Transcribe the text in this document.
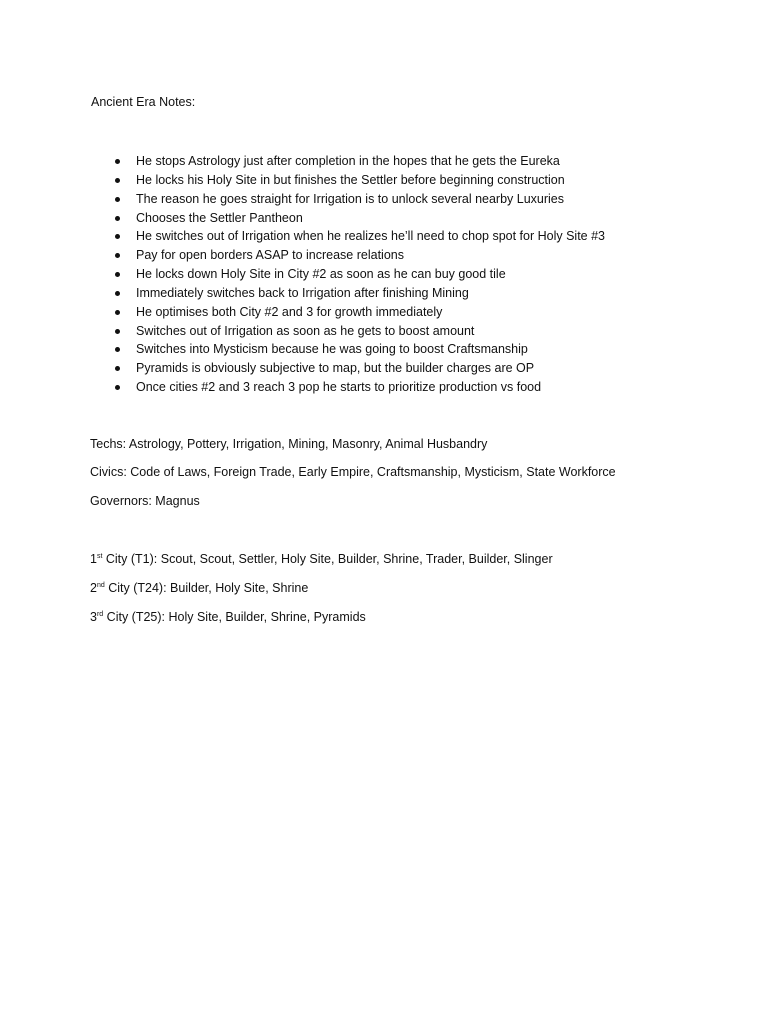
Ancient Era Notes:
He stops Astrology just after completion in the hopes that he gets the Eureka
He locks his Holy Site in but finishes the Settler before beginning construction
The reason he goes straight for Irrigation is to unlock several nearby Luxuries
Chooses the Settler Pantheon
He switches out of Irrigation when he realizes he’ll need to chop spot for Holy Site #3
Pay for open borders ASAP to increase relations
He locks down Holy Site in City #2 as soon as he can buy good tile
Immediately switches back to Irrigation after finishing Mining
He optimises both City #2 and 3 for growth immediately
Switches out of Irrigation as soon as he gets to boost amount
Switches into Mysticism because he was going to boost Craftsmanship
Pyramids is obviously subjective to map, but the builder charges are OP
Once cities #2 and 3 reach 3 pop he starts to prioritize production vs food
Techs: Astrology, Pottery, Irrigation, Mining, Masonry, Animal Husbandry
Civics: Code of Laws, Foreign Trade, Early Empire, Craftsmanship, Mysticism, State Workforce
Governors: Magnus
1st City (T1): Scout, Scout, Settler, Holy Site, Builder, Shrine, Trader, Builder, Slinger
2nd City (T24): Builder, Holy Site, Shrine
3rd City (T25): Holy Site, Builder, Shrine, Pyramids
